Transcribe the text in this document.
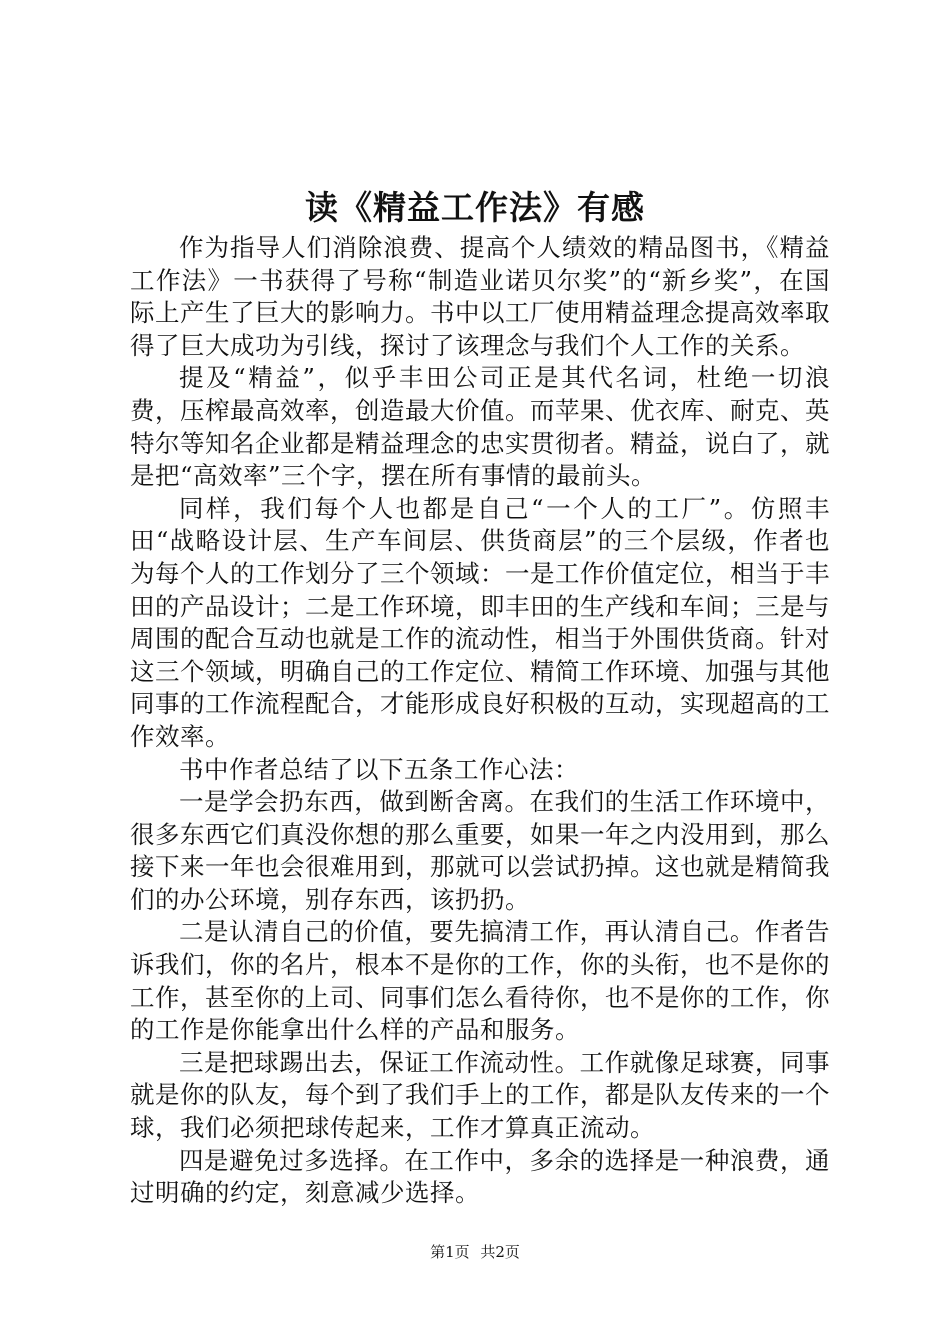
读《精益工作法》有感

作为指导人们消除浪费、提高个人绩效的精品图书，《精益工作法》一书获得了号称“制造业诺贝尔奖”的“新乡奖”，在国际上产生了巨大的影响力。书中以工厂使用精益理念提高效率取得了巨大成功为引线，探讨了该理念与我们个人工作的关系。

提及“精益”，似乎丰田公司正是其代名词，杜绝一切浪费，压榨最高效率，创造最大价值。而苹果、优衣库、耐克、英特尔等知名企业都是精益理念的忠实贯彻者。精益，说白了，就是把“高效率”三个字，摆在所有事情的最前头。

同样，我们每个人也都是自己“一个人的工厂”。仿照丰田“战略设计层、生产车间层、供货商层”的三个层级，作者也为每个人的工作划分了三个领域：一是工作价值定位，相当于丰田的产品设计；二是工作环境，即丰田的生产线和车间；三是与周围的配合互动也就是工作的流动性，相当于外围供货商。针对这三个领域，明确自己的工作定位、精简工作环境、加强与其他同事的工作流程配合，才能形成良好积极的互动，实现超高的工作效率。

书中作者总结了以下五条工作心法：

一是学会扔东西，做到断舍离。在我们的生活工作环境中，很多东西它们真没你想的那么重要，如果一年之内没用到，那么接下来一年也会很难用到，那就可以尝试扔掉。这也就是精简我们的办公环境，别存东西，该扔扔。

二是认清自己的价值，要先搞清工作，再认清自己。作者告诉我们，你的名片，根本不是你的工作，你的头衔，也不是你的工作，甚至你的上司、同事们怎么看待你，也不是你的工作，你的工作是你能拿出什么样的产品和服务。

三是把球踢出去，保证工作流动性。工作就像足球赛，同事就是你的队友，每个到了我们手上的工作，都是队友传来的一个球，我们必须把球传起来，工作才算真正流动。

四是避免过多选择。在工作中，多余的选择是一种浪费，通过明确的约定，刻意减少选择。

第1页 共2页
